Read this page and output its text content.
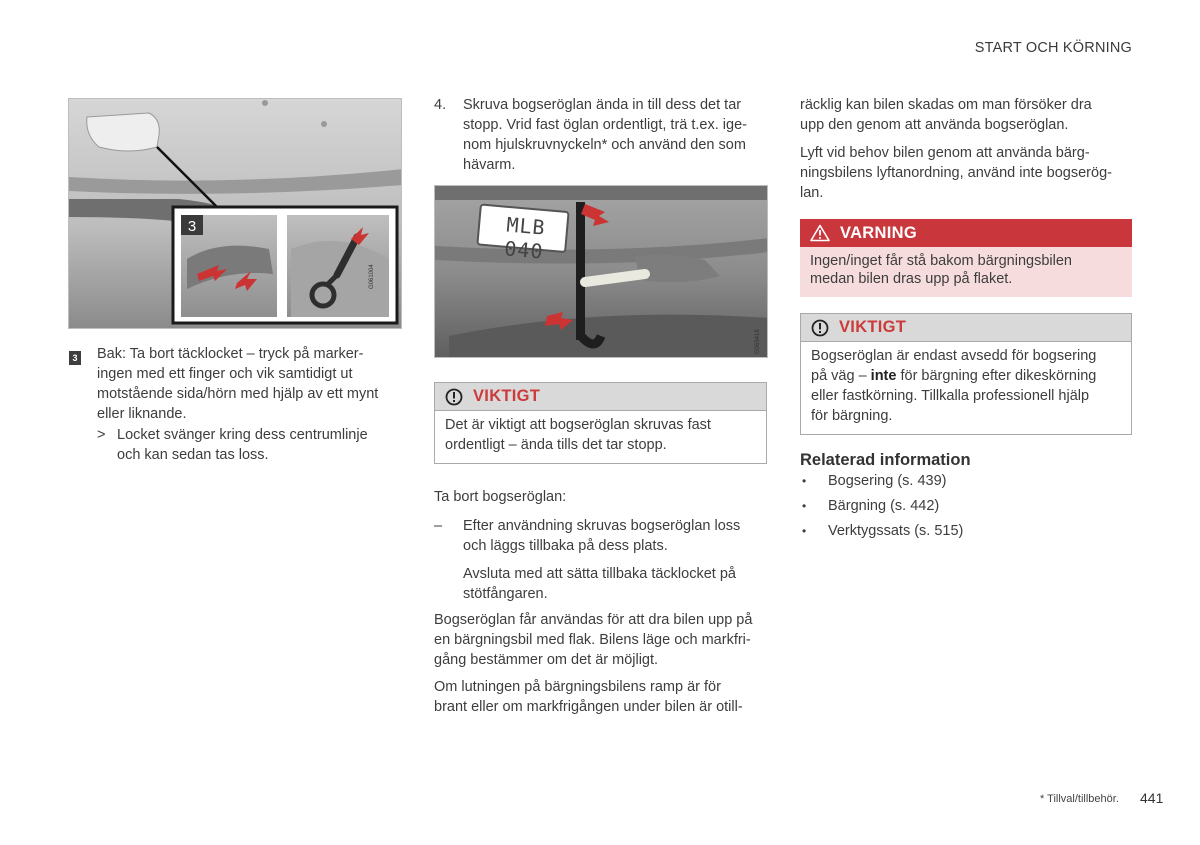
START OCH KÖRNING
3
G061004
3 Bak: Ta bort täcklocket – tryck på marker-
ingen med ett finger och vik samtidigt ut
motstående sida/hörn med hjälp av ett mynt
eller liknande.
> Locket svänger kring dess centrumlinje
och kan sedan tas loss.
4. Skruva bogseröglan ända in till dess det tar
stopp. Vrid fast öglan ordentligt, trä t.ex. ige-
nom hjulskruvnyckeln* och använd den som
hävarm.
MLB 040
G065418
VIKTIGT
Det är viktigt att bogseröglan skruvas fast
ordentligt – ända tills det tar stopp.
Ta bort bogseröglan:
– Efter användning skruvas bogseröglan loss
och läggs tillbaka på dess plats.
Avsluta med att sätta tillbaka täcklocket på
stötfångaren.
Bogseröglan får användas för att dra bilen upp på
en bärgningsbil med flak. Bilens läge och markfri-
gång bestämmer om det är möjligt.
Om lutningen på bärgningsbilens ramp är för
brant eller om markfrigången under bilen är otill-
räcklig kan bilen skadas om man försöker dra
upp den genom att använda bogseröglan.
Lyft vid behov bilen genom att använda bärg-
ningsbilens lyftanordning, använd inte bogserög-
lan.
VARNING
Ingen/inget får stå bakom bärgningsbilen
medan bilen dras upp på flaket.
VIKTIGT
Bogseröglan är endast avsedd för bogsering
på väg – inte för bärgning efter dikeskörning
eller fastkörning. Tillkalla professionell hjälp
för bärgning.
Relaterad information
•	Bogsering (s. 439)
•	Bärgning (s. 442)
•	Verktygssats (s. 515)
* Tillval/tillbehör. 441
